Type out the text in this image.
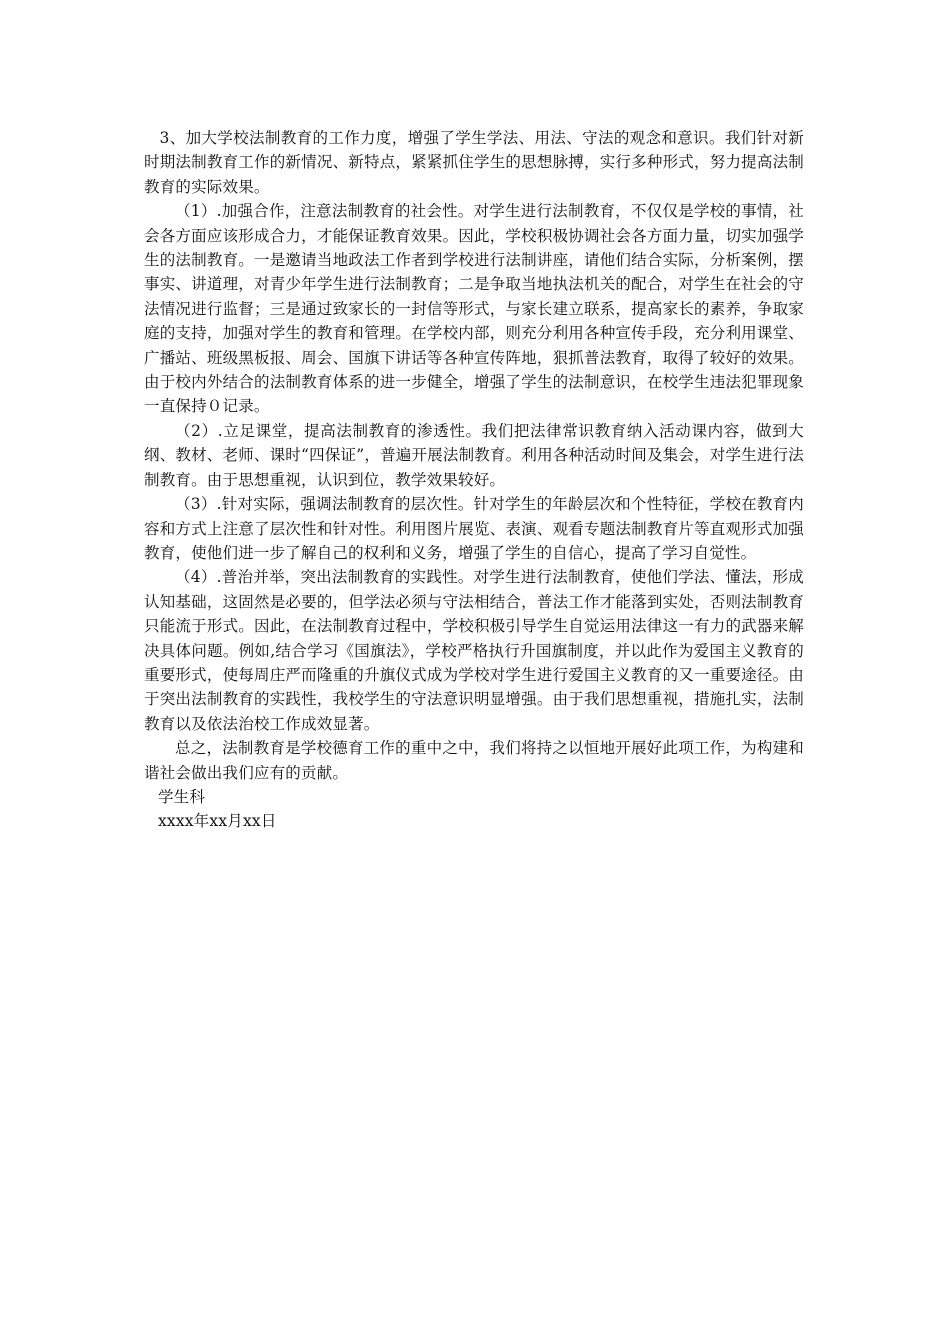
3、加大学校法制教育的工作力度，增强了学生学法、用法、守法的观念和意识。我们针对新时期法制教育工作的新情况、新特点，紧紧抓住学生的思想脉搏，实行多种形式，努力提高法制教育的实际效果。

（1）.加强合作，注意法制教育的社会性。对学生进行法制教育，不仅仅是学校的事情，社会各方面应该形成合力，才能保证教育效果。因此，学校积极协调社会各方面力量，切实加强学生的法制教育。一是邀请当地政法工作者到学校进行法制讲座，请他们结合实际，分析案例，摆事实、讲道理，对青少年学生进行法制教育；二是争取当地执法机关的配合，对学生在社会的守法情况进行监督；三是通过致家长的一封信等形式，与家长建立联系，提高家长的素养，争取家庭的支持，加强对学生的教育和管理。在学校内部，则充分利用各种宣传手段，充分利用课堂、广播站、班级黑板报、周会、国旗下讲话等各种宣传阵地，狠抓普法教育，取得了较好的效果。由于校内外结合的法制教育体系的进一步健全，增强了学生的法制意识，在校学生违法犯罪现象一直保持０记录。

（2）.立足课堂，提高法制教育的渗透性。我们把法律常识教育纳入活动课内容，做到大纲、教材、老师、课时“四保证”，普遍开展法制教育。利用各种活动时间及集会，对学生进行法制教育。由于思想重视，认识到位，教学效果较好。

（3）.针对实际，强调法制教育的层次性。针对学生的年龄层次和个性特征，学校在教育内容和方式上注意了层次性和针对性。利用图片展览、表演、观看专题法制教育片等直观形式加强教育，使他们进一步了解自己的权利和义务，增强了学生的自信心，提高了学习自觉性。

（4）.普治并举，突出法制教育的实践性。对学生进行法制教育，使他们学法、懂法，形成认知基础，这固然是必要的，但学法必须与守法相结合，普法工作才能落到实处，否则法制教育只能流于形式。因此，在法制教育过程中，学校积极引导学生自觉运用法律这一有力的武器来解决具体问题。例如,结合学习《国旗法》，学校严格执行升国旗制度，并以此作为爱国主义教育的重要形式，使每周庄严而隆重的升旗仪式成为学校对学生进行爱国主义教育的又一重要途径。由于突出法制教育的实践性，我校学生的守法意识明显增强。由于我们思想重视，措施扎实，法制教育以及依法治校工作成效显著。

总之，法制教育是学校德育工作的重中之中，我们将持之以恒地开展好此项工作，为构建和谐社会做出我们应有的贡献。

学生科

xxxx年xx月xx日
